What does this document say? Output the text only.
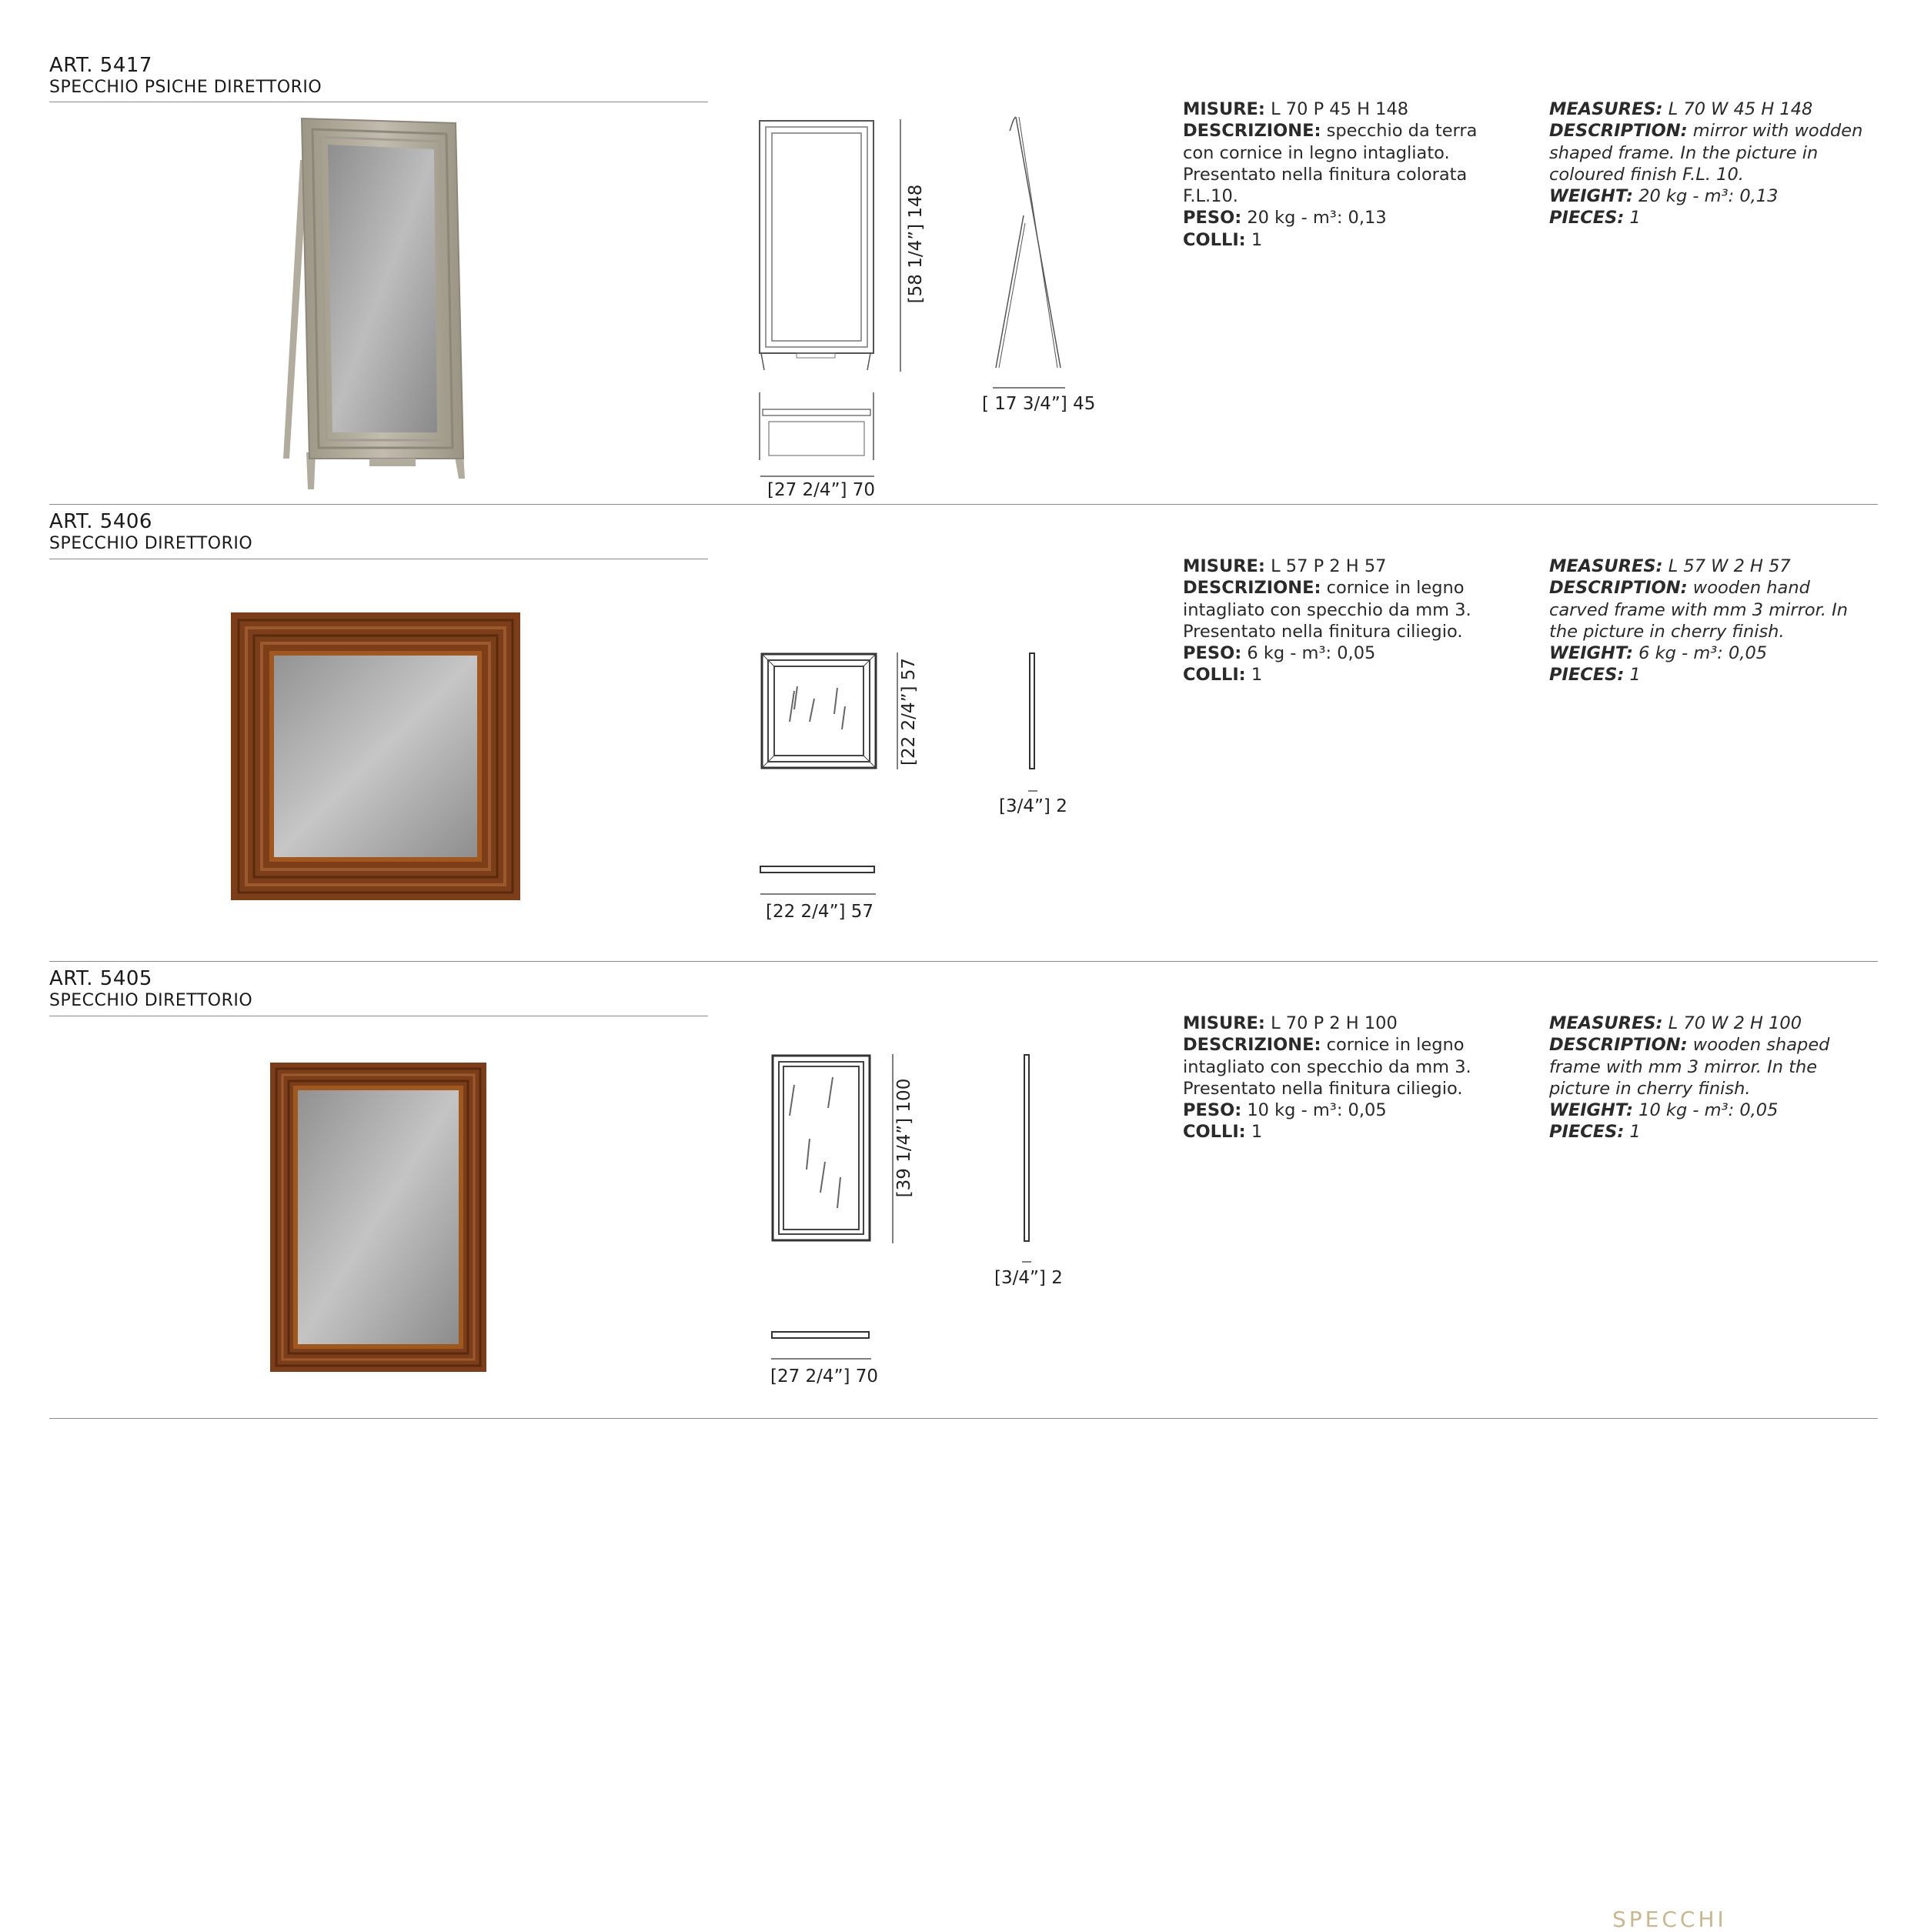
ART. 5417
SPECCHIO PSICHE DIRETTORIO
[58 1/4”] 148
[ 17 3/4”] 45
[27 2/4”] 70
MISURE: L 70 P 45 H 148
DESCRIZIONE: specchio da terra con cornice in legno intagliato. Presentato nella finitura colorata F.L.10.
PESO: 20 kg - m³: 0,13
COLLI: 1
MEASURES: L 70 W 45 H 148
DESCRIPTION: mirror with wodden shaped frame. In the picture in coloured finish F.L. 10.
WEIGHT: 20 kg - m³: 0,13
PIECES: 1
ART. 5406
SPECCHIO DIRETTORIO
[22 2/4”] 57
[3/4”] 2
[22 2/4”] 57
MISURE: L 57 P 2 H 57
DESCRIZIONE: cornice in legno intagliato con specchio da mm 3. Presentato nella finitura ciliegio.
PESO: 6 kg - m³: 0,05
COLLI: 1
MEASURES: L 57 W 2 H 57
DESCRIPTION: wooden hand carved frame with mm 3 mirror. In the picture in cherry finish.
WEIGHT: 6 kg - m³: 0,05
PIECES: 1
ART. 5405
SPECCHIO DIRETTORIO
[39 1/4”] 100
[3/4”] 2
[27 2/4”] 70
MISURE: L 70 P 2 H 100
DESCRIZIONE: cornice in legno intagliato con specchio da mm 3. Presentato nella finitura ciliegio.
PESO: 10 kg - m³: 0,05
COLLI: 1
MEASURES: L 70 W 2 H 100
DESCRIPTION: wooden shaped frame with mm 3 mirror. In the picture in cherry finish.
WEIGHT: 10 kg - m³: 0,05
PIECES: 1
SPECCHI
